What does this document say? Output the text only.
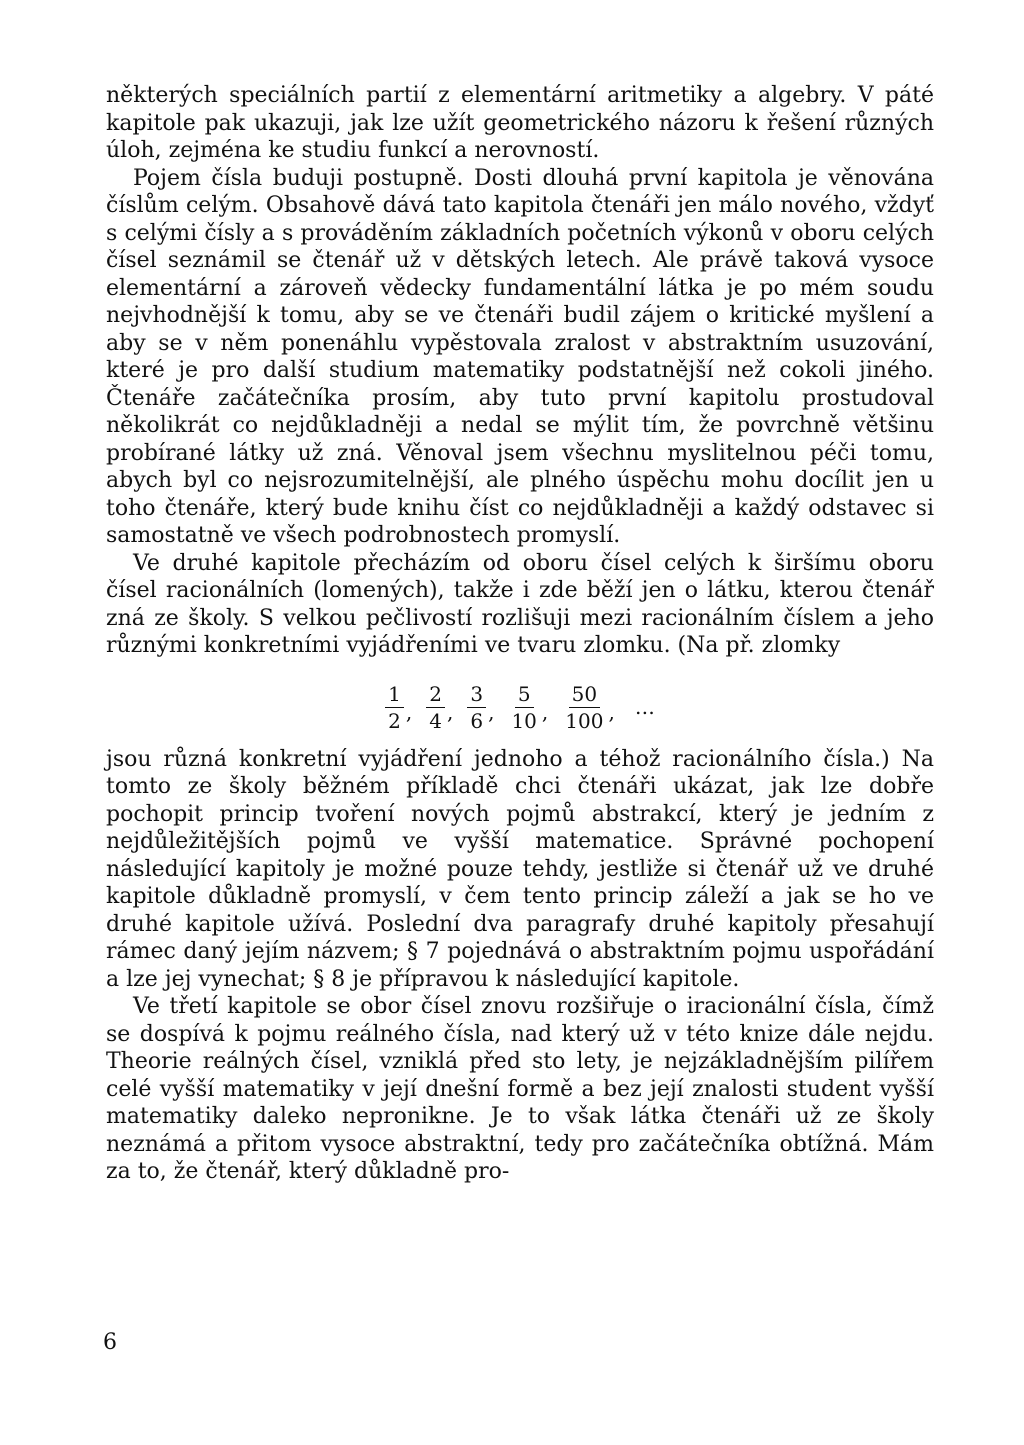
některých speciálních partií z elementární aritmetiky a algebry. V páté kapitole pak ukazuji, jak lze užít geometrického názoru k řešení různých úloh, zejména ke studiu funkcí a nerovností.

Pojem čísla buduji postupně. Dosti dlouhá první kapitola je věnována číslům celým. Obsahově dává tato kapitola čtenáři jen málo nového, vždyť s celými čísly a s prováděním základních početních výkonů v oboru celých čísel seznámil se čtenář už v dětských letech. Ale právě taková vysoce elementární a zároveň vědecky fundamentální látka je po mém soudu nejvhodnější k tomu, aby se ve čtenáři budil zájem o kritické myšlení a aby se v něm ponenáhlu vypěstovala zralost v abstraktním usuzování, které je pro další studium matematiky podstatnější než cokoli jiného. Čtenáře začátečníka prosím, aby tuto první kapitolu prostudoval několikrát co nejdůkladněji a nedal se mýlit tím, že povrchně většinu probírané látky už zná. Věnoval jsem všechnu myslitelnou péči tomu, abych byl co nejsrozumitelnější, ale plného úspěchu mohu docílit jen u toho čtenáře, který bude knihu číst co nejdůkladněji a každý odstavec si samostatně ve všech podrobnostech promyslí.

Ve druhé kapitole přecházím od oboru čísel celých k širšímu oboru čísel racionálních (lomených), takže i zde běží jen o látku, kterou čtenář zná ze školy. S velkou pečlivostí rozlišuji mezi racionálním číslem a jeho různými konkretními vyjádřeními ve tvaru zlomku. (Na př. zlomky

$\frac{1}{2}$ , $\frac{2}{4}$ , $\frac{3}{6}$ , $\frac{5}{10}$ , $\frac{50}{100}$ , …

jsou různá konkretní vyjádření jednoho a téhož racionálního čísla.) Na tomto ze školy běžném příkladě chci čtenáři ukázat, jak lze dobře pochopit princip tvoření nových pojmů abstrakcí, který je jedním z nejdůležitějších pojmů ve vyšší matematice. Správné pochopení následující kapitoly je možné pouze tehdy, jestliže si čtenář už ve druhé kapitole důkladně promyslí, v čem tento princip záleží a jak se ho ve druhé kapitole užívá. Poslední dva paragrafy druhé kapitoly přesahují rámec daný jejím názvem; § 7 pojednává o abstraktním pojmu uspořádání a lze jej vynechat; § 8 je přípravou k následující kapitole.

Ve třetí kapitole se obor čísel znovu rozšiřuje o iracionální čísla, čímž se dospívá k pojmu reálného čísla, nad který už v této knize dále nejdu. Theorie reálných čísel, vzniklá před sto lety, je nejzákladnějším pilířem celé vyšší matematiky v její dnešní formě a bez její znalosti student vyšší matematiky daleko nepronikne. Je to však látka čtenáři už ze školy neznámá a přitom vysoce abstraktní, tedy pro začátečníka obtížná. Mám za to, že čtenář, který důkladně pro-

6
